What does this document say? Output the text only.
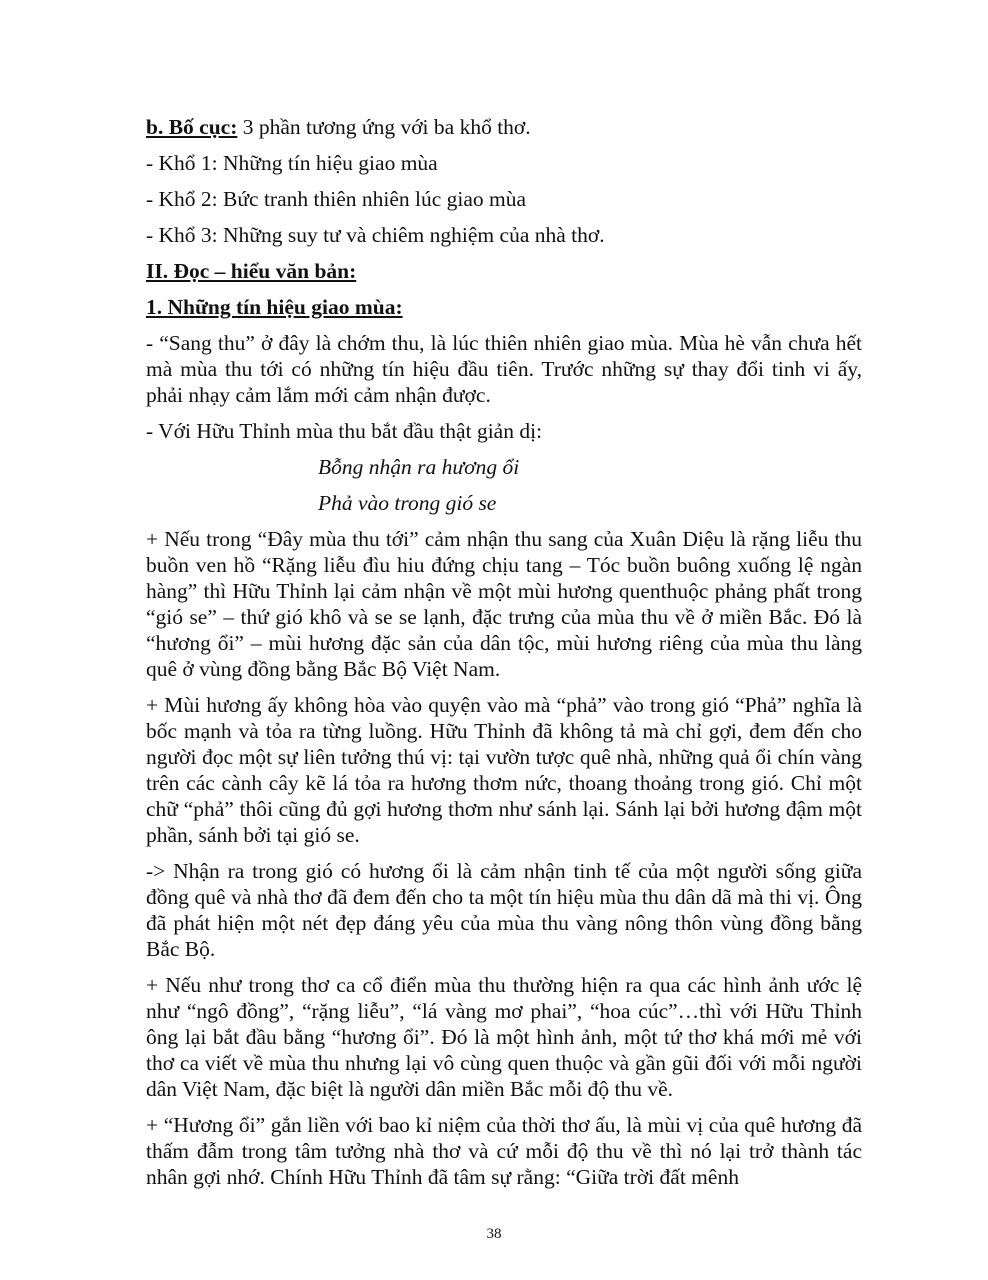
b. Bố cục: 3 phần tương ứng với ba khổ thơ.
- Khổ 1: Những tín hiệu giao mùa
- Khổ 2: Bức tranh thiên nhiên lúc giao mùa
- Khổ 3: Những suy tư và chiêm nghiệm của nhà thơ.
II. Đọc – hiểu văn bản:
1. Những tín hiệu giao mùa:

- “Sang thu” ở đây là chớm thu, là lúc thiên nhiên giao mùa. Mùa hè vẫn chưa hết mà mùa thu tới có những tín hiệu đầu tiên. Trước những sự thay đổi tinh vi ấy, phải nhạy cảm lắm mới cảm nhận được.

- Với Hữu Thỉnh mùa thu bắt đầu thật giản dị:

Bỗng nhận ra hương ổi
Phả vào trong gió se

+ Nếu trong “Đây mùa thu tới” cảm nhận thu sang của Xuân Diệu là rặng liễu thu buồn ven hồ “Rặng liễu đìu hiu đứng chịu tang – Tóc buồn buông xuống lệ ngàn hàng” thì Hữu Thỉnh lại cảm nhận về một mùi hương quenthuộc phảng phất trong “gió se” – thứ gió khô và se se lạnh, đặc trưng của mùa thu về ở miền Bắc. Đó là “hương ổi” – mùi hương đặc sản của dân tộc, mùi hương riêng của mùa thu làng quê ở vùng đồng bằng Bắc Bộ Việt Nam.

+ Mùi hương ấy không hòa vào quyện vào mà “phả” vào trong gió “Phả” nghĩa là bốc mạnh và tỏa ra từng luồng. Hữu Thỉnh đã không tả mà chỉ gợi, đem đến cho người đọc một sự liên tưởng thú vị: tại vườn tược quê nhà, những quả ổi chín vàng trên các cành cây kẽ lá tỏa ra hương thơm nức, thoang thoảng trong gió. Chỉ một chữ “phả” thôi cũng đủ gợi hương thơm như sánh lại. Sánh lại bởi hương đậm một phần, sánh bởi tại gió se.

-> Nhận ra trong gió có hương ổi là cảm nhận tinh tế của một người sống giữa đồng quê và nhà thơ đã đem đến cho ta một tín hiệu mùa thu dân dã mà thi vị. Ông đã phát hiện một nét đẹp đáng yêu của mùa thu vàng nông thôn vùng đồng bằng Bắc Bộ.

+ Nếu như trong thơ ca cổ điển mùa thu thường hiện ra qua các hình ảnh ước lệ như “ngô đồng”, “rặng liễu”, “lá vàng mơ phai”, “hoa cúc”…thì với Hữu Thỉnh ông lại bắt đầu bằng “hương ổi”. Đó là một hình ảnh, một tứ thơ khá mới mẻ với thơ ca viết về mùa thu nhưng lại vô cùng quen thuộc và gần gũi đối với mỗi người dân Việt Nam, đặc biệt là người dân miền Bắc mỗi độ thu về.

+ “Hương ổi” gắn liền với bao kỉ niệm của thời thơ ấu, là mùi vị của quê hương đã thấm đẫm trong tâm tưởng nhà thơ và cứ mỗi độ thu về thì nó lại trở thành tác nhân gợi nhớ. Chính Hữu Thỉnh đã tâm sự rằng: “Giữa trời đất mênh

38
